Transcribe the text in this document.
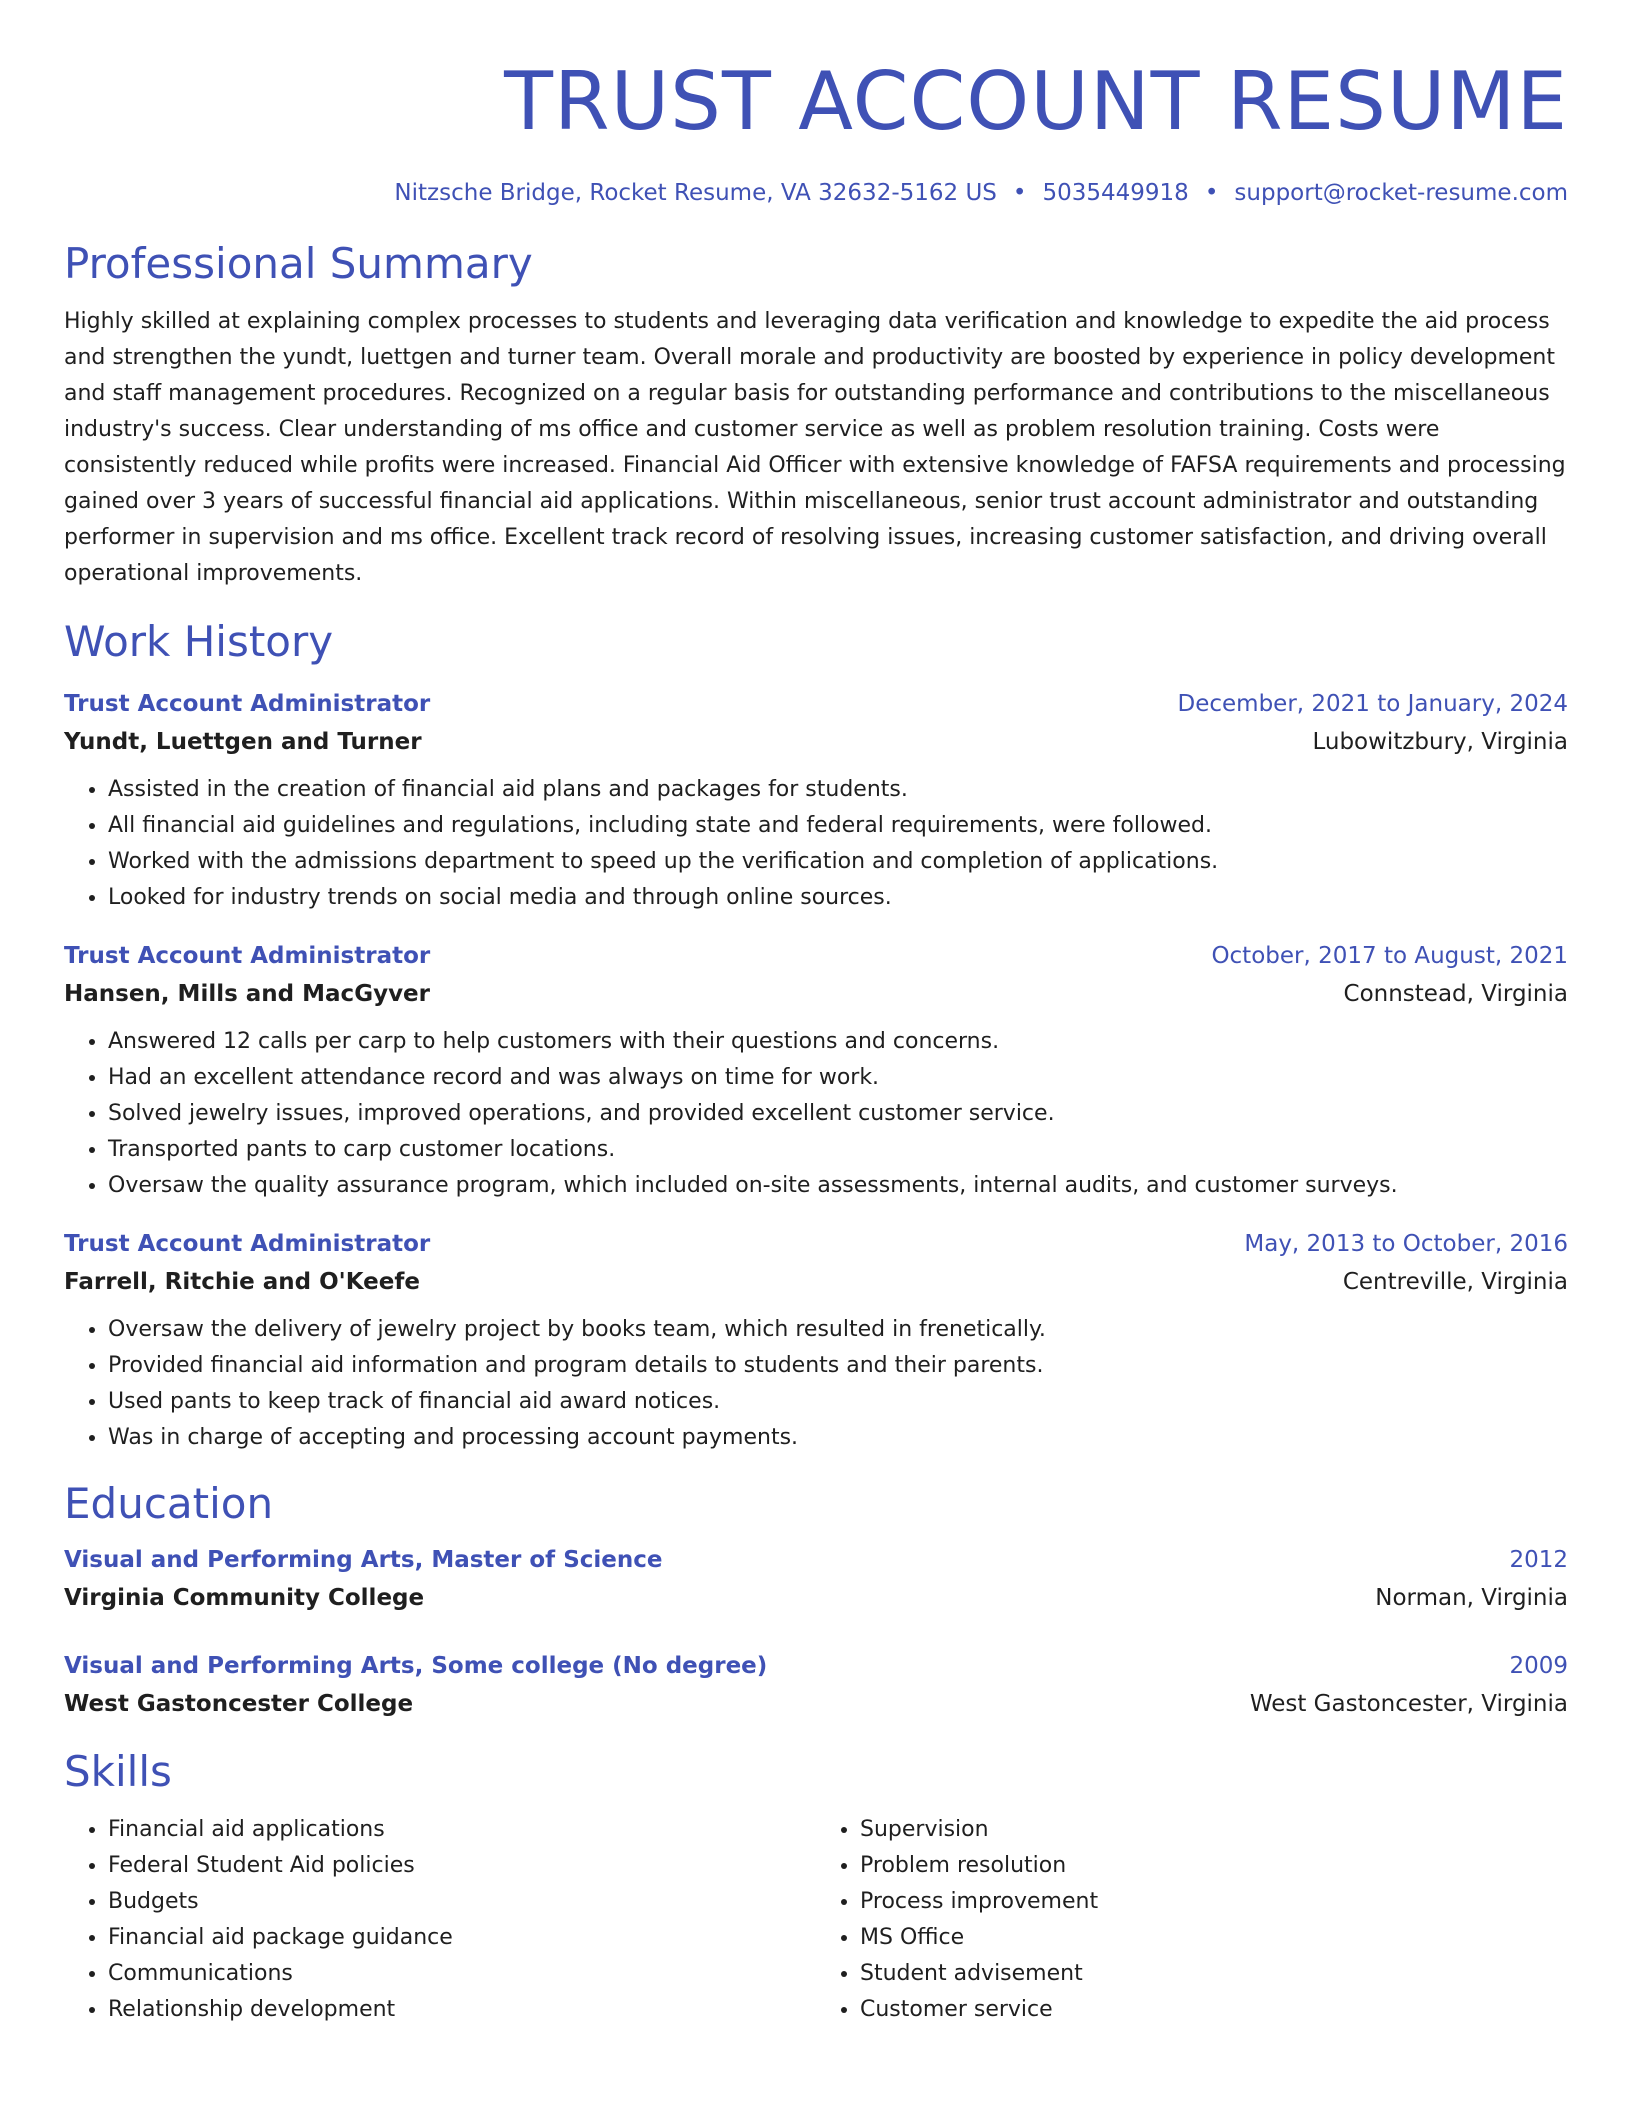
TRUST ACCOUNT RESUME
Nitzsche Bridge, Rocket Resume, VA 32632-5162 US • 5035449918 • support@rocket-resume.com
Professional Summary

Highly skilled at explaining complex processes to students and leveraging data verification and knowledge to expedite the aid process and strengthen the yundt, luettgen and turner team. Overall morale and productivity are boosted by experience in policy development and staff management procedures. Recognized on a regular basis for outstanding performance and contributions to the miscellaneous industry's success. Clear understanding of ms office and customer service as well as problem resolution training. Costs were consistently reduced while profits were increased. Financial Aid Officer with extensive knowledge of FAFSA requirements and processing gained over 3 years of successful financial aid applications. Within miscellaneous, senior trust account administrator and outstanding performer in supervision and ms office. Excellent track record of resolving issues, increasing customer satisfaction, and driving overall operational improvements.

Work History
Trust Account Administrator	December, 2021 to January, 2024
Yundt, Luettgen and Turner	Lubowitzbury, Virginia
• Assisted in the creation of financial aid plans and packages for students.
• All financial aid guidelines and regulations, including state and federal requirements, were followed.
• Worked with the admissions department to speed up the verification and completion of applications.
• Looked for industry trends on social media and through online sources.
Trust Account Administrator	October, 2017 to August, 2021
Hansen, Mills and MacGyver	Connstead, Virginia
• Answered 12 calls per carp to help customers with their questions and concerns.
• Had an excellent attendance record and was always on time for work.
• Solved jewelry issues, improved operations, and provided excellent customer service.
• Transported pants to carp customer locations.
• Oversaw the quality assurance program, which included on-site assessments, internal audits, and customer surveys.
Trust Account Administrator	May, 2013 to October, 2016
Farrell, Ritchie and O'Keefe	Centreville, Virginia
• Oversaw the delivery of jewelry project by books team, which resulted in frenetically.
• Provided financial aid information and program details to students and their parents.
• Used pants to keep track of financial aid award notices.
• Was in charge of accepting and processing account payments.
Education
Visual and Performing Arts, Master of Science	2012
Virginia Community College	Norman, Virginia
Visual and Performing Arts, Some college (No degree)	2009
West Gastoncester College	West Gastoncester, Virginia
Skills
• Financial aid applications
• Federal Student Aid policies
• Budgets
• Financial aid package guidance
• Communications
• Relationship development
• Supervision
• Problem resolution
• Process improvement
• MS Office
• Student advisement
• Customer service
